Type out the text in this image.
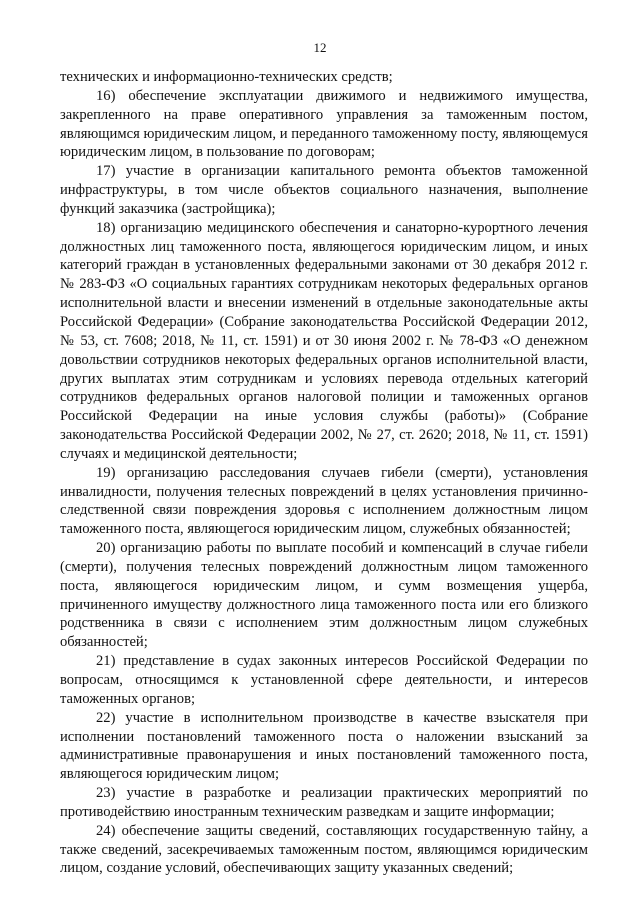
12

технических и информационно-технических средств;

16) обеспечение эксплуатации движимого и недвижимого имущества, закрепленного на праве оперативного управления за таможенным постом, являющимся юридическим лицом, и переданного таможенному посту, являющемуся юридическим лицом, в пользование по договорам;

17) участие в организации капитального ремонта объектов таможенной инфраструктуры, в том числе объектов социального назначения, выполнение функций заказчика (застройщика);

18) организацию медицинского обеспечения и санаторно-курортного лечения должностных лиц таможенного поста, являющегося юридическим лицом, и иных категорий граждан в установленных федеральными законами от 30 декабря 2012 г. № 283-ФЗ «О социальных гарантиях сотрудникам некоторых федеральных органов исполнительной власти и внесении изменений в отдельные законодательные акты Российской Федерации» (Собрание законодательства Российской Федерации 2012, № 53, ст. 7608; 2018, № 11, ст. 1591) и от 30 июня 2002 г. № 78-ФЗ «О денежном довольствии сотрудников некоторых федеральных органов исполнительной власти, других выплатах этим сотрудникам и условиях перевода отдельных категорий сотрудников федеральных органов налоговой полиции и таможенных органов Российской Федерации на иные условия службы (работы)» (Собрание законодательства Российской Федерации 2002, № 27, ст. 2620; 2018, № 11, ст. 1591) случаях и медицинской деятельности;

19) организацию расследования случаев гибели (смерти), установления инвалидности, получения телесных повреждений в целях установления причинно-следственной связи повреждения здоровья с исполнением должностным лицом таможенного поста, являющегося юридическим лицом, служебных обязанностей;

20) организацию работы по выплате пособий и компенсаций в случае гибели (смерти), получения телесных повреждений должностным лицом таможенного поста, являющегося юридическим лицом, и сумм возмещения ущерба, причиненного имуществу должностного лица таможенного поста или его близкого родственника в связи с исполнением этим должностным лицом служебных обязанностей;

21) представление в судах законных интересов Российской Федерации по вопросам, относящимся к установленной сфере деятельности, и интересов таможенных органов;

22) участие в исполнительном производстве в качестве взыскателя при исполнении постановлений таможенного поста о наложении взысканий за административные правонарушения и иных постановлений таможенного поста, являющегося юридическим лицом;

23) участие в разработке и реализации практических мероприятий по противодействию иностранным техническим разведкам и защите информации;

24) обеспечение защиты сведений, составляющих государственную тайну, а также сведений, засекречиваемых таможенным постом, являющимся юридическим лицом, создание условий, обеспечивающих защиту указанных сведений;
